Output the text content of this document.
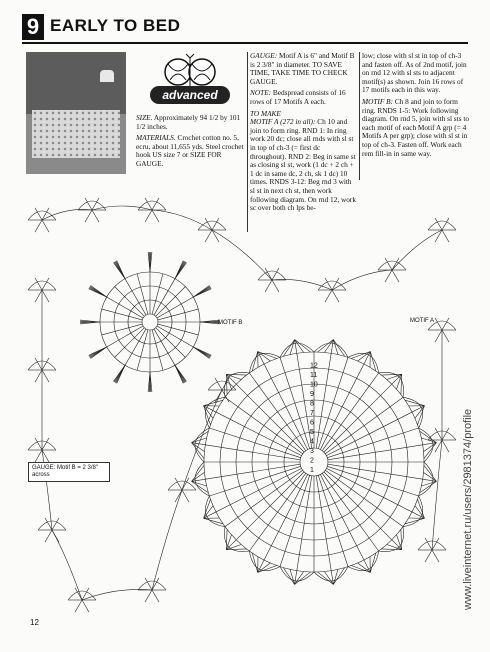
9 EARLY TO BED
advanced

SIZE. Approximately 94 1/2 by 101 1/2 inches.

MATERIALS. Crochet cotton no. 5, ecru, about 11,655 yds. Steel crochet hook US size 7 or SIZE FOR GAUGE.

GAUGE: Motif A is 6" and Motif B is 2 3/8" in diameter. TO SAVE TIME, TAKE TIME TO CHECK GAUGE.

NOTE: Bedspread consists of 16 rows of 17 Motifs A each.

TO MAKE
MOTIF A (272 in all): Ch 10 and join to form ring. RND 1: In ring work 20 dc; close all rnds with sl st in top of ch-3 (= first dc throughout). RND 2: Beg in same st as closing sl st, work (1 dc + 2 ch + 1 dc in same dc, 2 ch, sk 1 dc) 10 times. RNDS 3-12: Beg rnd 3 with sl st in next ch st, then work following diagram. On rnd 12, work sc over both ch lps be-

low; close with sl st in top of ch-3 and fasten off. As of 2nd motif, join on rnd 12 with sl sts to adjacent motif(s) as shown. Join 16 rows of 17 motifs each in this way.

MOTIF B: Ch 8 and join to form ring. RNDS 1-5: Work following diagram. On rnd 5, join with sl sts to each motif of each Motif A grp (= 4 Motifs A per grp); close with sl st in top of ch-3. Fasten off. Work each rem fill-in in same way.

1
2
3
4
5
6
7
8
9
10
11
12
MOTIF B	MOTIF A
GAUGE: Motif B = 2 3/8" across
12
www.liveinternet.ru/users/2981374/profile
